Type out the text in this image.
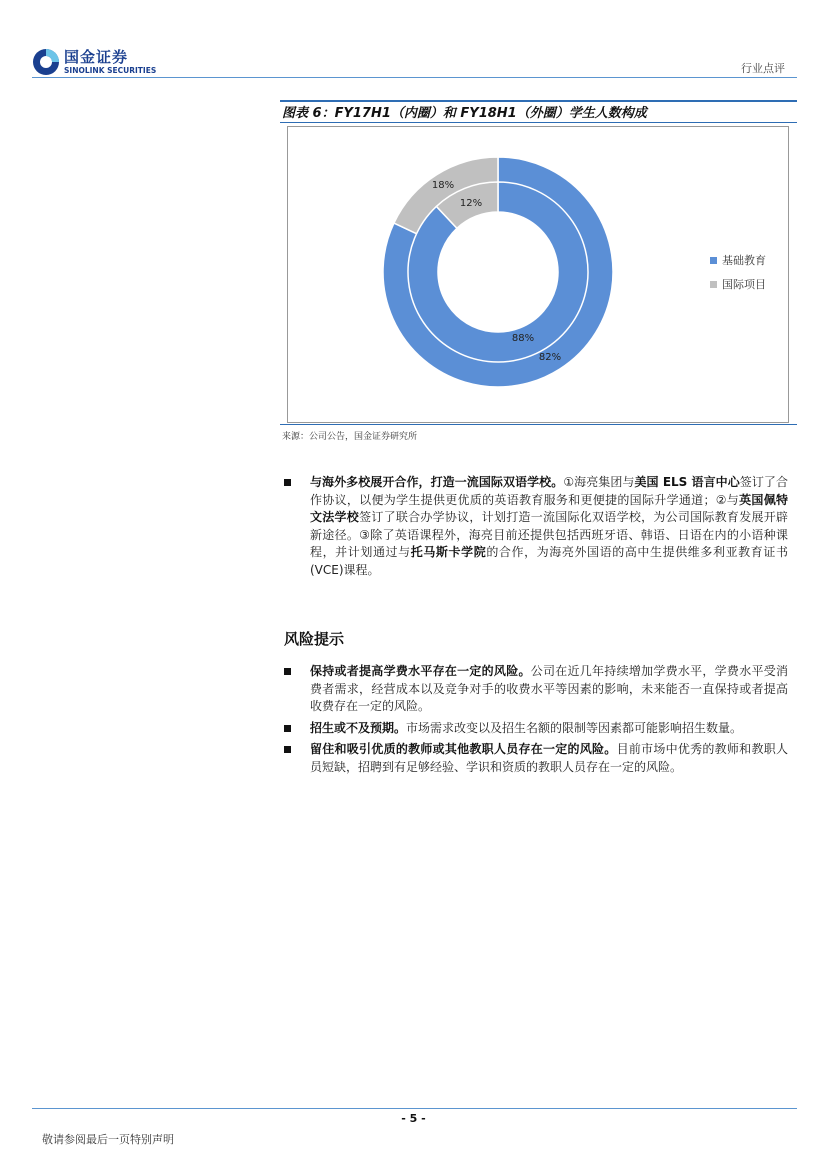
国金证券
SINOLINK SECURITIES	行业点评
图表 6：FY17H1（内圈）和 FY18H1（外圈）学生人数构成
82%
18%
88%
12%
基础教育
国际项目
来源：公司公告，国金证券研究所
与海外多校展开合作，打造一流国际双语学校。①海亮集团与美国 ELS 语言中心签订了合作协议，以便为学生提供更优质的英语教育服务和更便捷的国际升学通道；②与英国佩特文法学校签订了联合办学协议，计划打造一流国际化双语学校，为公司国际教育发展开辟新途径。③除了英语课程外，海亮目前还提供包括西班牙语、韩语、日语在内的小语种课程，并计划通过与托马斯卡学院的合作，为海亮外国语的高中生提供维多利亚教育证书(VCE)课程。
风险提示
保持或者提高学费水平存在一定的风险。公司在近几年持续增加学费水平，学费水平受消费者需求，经营成本以及竞争对手的收费水平等因素的影响，未来能否一直保持或者提高收费存在一定的风险。
招生或不及预期。市场需求改变以及招生名额的限制等因素都可能影响招生数量。
留住和吸引优质的教师或其他教职人员存在一定的风险。目前市场中优秀的教师和教职人员短缺，招聘到有足够经验、学识和资质的教职人员存在一定的风险。
- 5 -
敬请参阅最后一页特别声明
